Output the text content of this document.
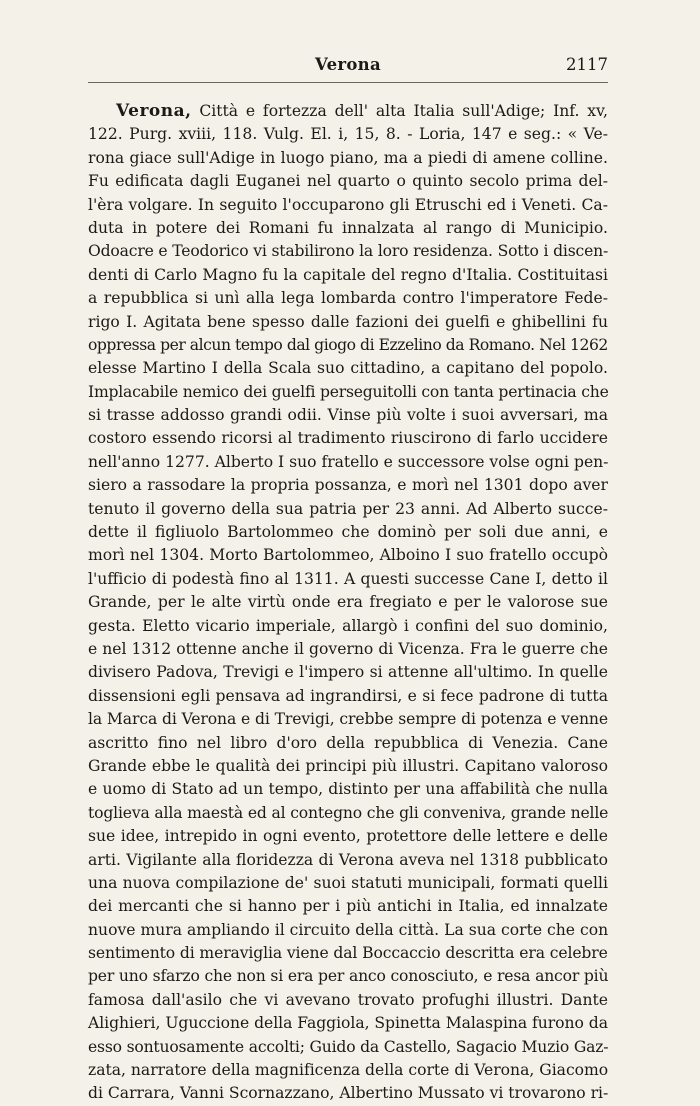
Verona	2117
Verona, Città e fortezza dell' alta Italia sull'Adige; Inf. xv,
122. Purg. xviii, 118. Vulg. El. i, 15, 8. - Loria, 147 e seg.: « Ve-
rona giace sull'Adige in luogo piano, ma a piedi di amene colline.
Fu edificata dagli Euganei nel quarto o quinto secolo prima del-
l'èra volgare. In seguito l'occuparono gli Etruschi ed i Veneti. Ca-
duta in potere dei Romani fu innalzata al rango di Municipio.
Odoacre e Teodorico vi stabilirono la loro residenza. Sotto i discen-
denti di Carlo Magno fu la capitale del regno d'Italia. Costituitasi
a repubblica si unì alla lega lombarda contro l'imperatore Fede-
rigo I. Agitata bene spesso dalle fazioni dei guelfi e ghibellini fu
oppressa per alcun tempo dal giogo di Ezzelino da Romano. Nel 1262
elesse Martino I della Scala suo cittadino, a capitano del popolo.
Implacabile nemico dei guelfi perseguitolli con tanta pertinacia che
si trasse addosso grandi odii. Vinse più volte i suoi avversari, ma
costoro essendo ricorsi al tradimento riuscirono di farlo uccidere
nell'anno 1277. Alberto I suo fratello e successore volse ogni pen-
siero a rassodare la propria possanza, e morì nel 1301 dopo aver
tenuto il governo della sua patria per 23 anni. Ad Alberto succe-
dette il figliuolo Bartolommeo che dominò per soli due anni, e
morì nel 1304. Morto Bartolommeo, Alboino I suo fratello occupò
l'ufficio di podestà fino al 1311. A questi successe Cane I, detto il
Grande, per le alte virtù onde era fregiato e per le valorose sue
gesta. Eletto vicario imperiale, allargò i confini del suo dominio,
e nel 1312 ottenne anche il governo di Vicenza. Fra le guerre che
divisero Padova, Trevigi e l'impero si attenne all'ultimo. In quelle
dissensioni egli pensava ad ingrandirsi, e si fece padrone di tutta
la Marca di Verona e di Trevigi, crebbe sempre di potenza e venne
ascritto fino nel libro d'oro della repubblica di Venezia. Cane
Grande ebbe le qualità dei principi più illustri. Capitano valoroso
e uomo di Stato ad un tempo, distinto per una affabilità che nulla
toglieva alla maestà ed al contegno che gli conveniva, grande nelle
sue idee, intrepido in ogni evento, protettore delle lettere e delle
arti. Vigilante alla floridezza di Verona aveva nel 1318 pubblicato
una nuova compilazione de' suoi statuti municipali, formati quelli
dei mercanti che si hanno per i più antichi in Italia, ed innalzate
nuove mura ampliando il circuito della città. La sua corte che con
sentimento di meraviglia viene dal Boccaccio descritta era celebre
per uno sfarzo che non si era per anco conosciuto, e resa ancor più
famosa dall'asilo che vi avevano trovato profughi illustri. Dante
Alighieri, Uguccione della Faggiola, Spinetta Malaspina furono da
esso sontuosamente accolti; Guido da Castello, Sagacio Muzio Gaz-
zata, narratore della magnificenza della corte di Verona, Giacomo
di Carrara, Vanni Scornazzano, Albertino Mussato vi trovarono ri-
